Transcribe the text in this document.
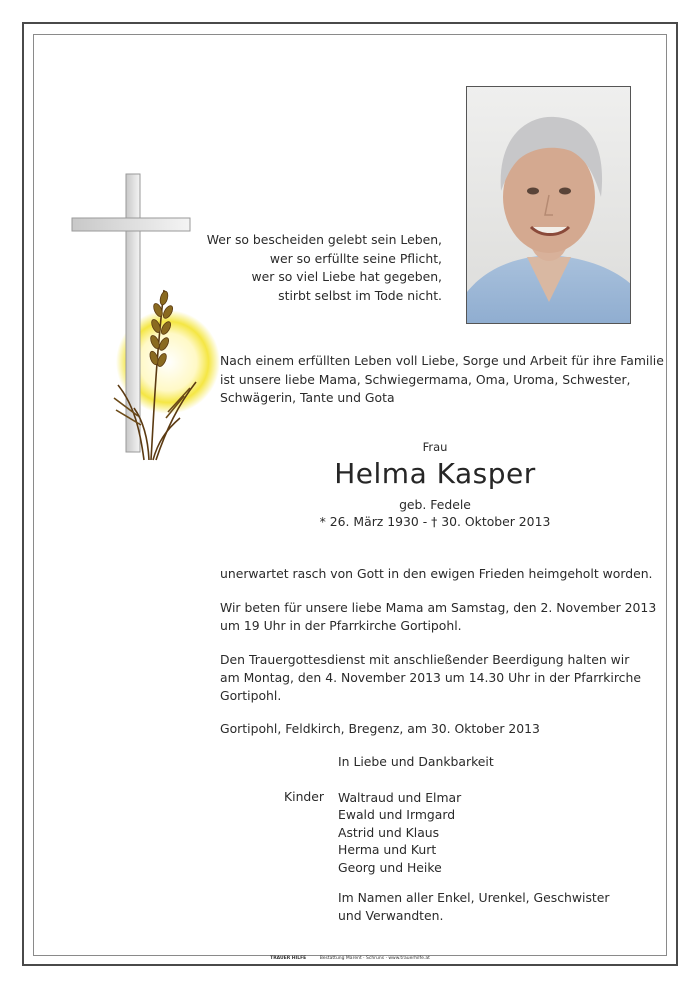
Wer so bescheiden gelebt sein Leben,
wer so erfüllte seine Pflicht,
wer so viel Liebe hat gegeben,
stirbt selbst im Tode nicht.
Nach einem erfüllten Leben voll Liebe, Sorge und Arbeit für ihre Familie
ist unsere liebe Mama, Schwiegermama, Oma, Uroma, Schwester,
Schwägerin, Tante und Gota
Frau
Helma Kasper
geb. Fedele
* 26. März 1930 - † 30. Oktober 2013
unerwartet rasch von Gott in den ewigen Frieden heimgeholt worden.
Wir beten für unsere liebe Mama am Samstag, den 2. November 2013
um 19 Uhr in der Pfarrkirche Gortipohl.
Den Trauergottesdienst mit anschließender Beerdigung halten wir
am Montag, den 4. November 2013 um 14.30 Uhr in der Pfarrkirche
Gortipohl.
Gortipohl, Feldkirch, Bregenz, am 30. Oktober 2013
In Liebe und Dankbarkeit
Kinder Waltraud und Elmar
Ewald und Irmgard
Astrid und Klaus
Herma und Kurt
Georg und Heike
Im Namen aller Enkel, Urenkel, Geschwister
und Verwandten.
TRAUER HILFE	Bestattung Marent · Schruns · www.trauerhilfe.at
